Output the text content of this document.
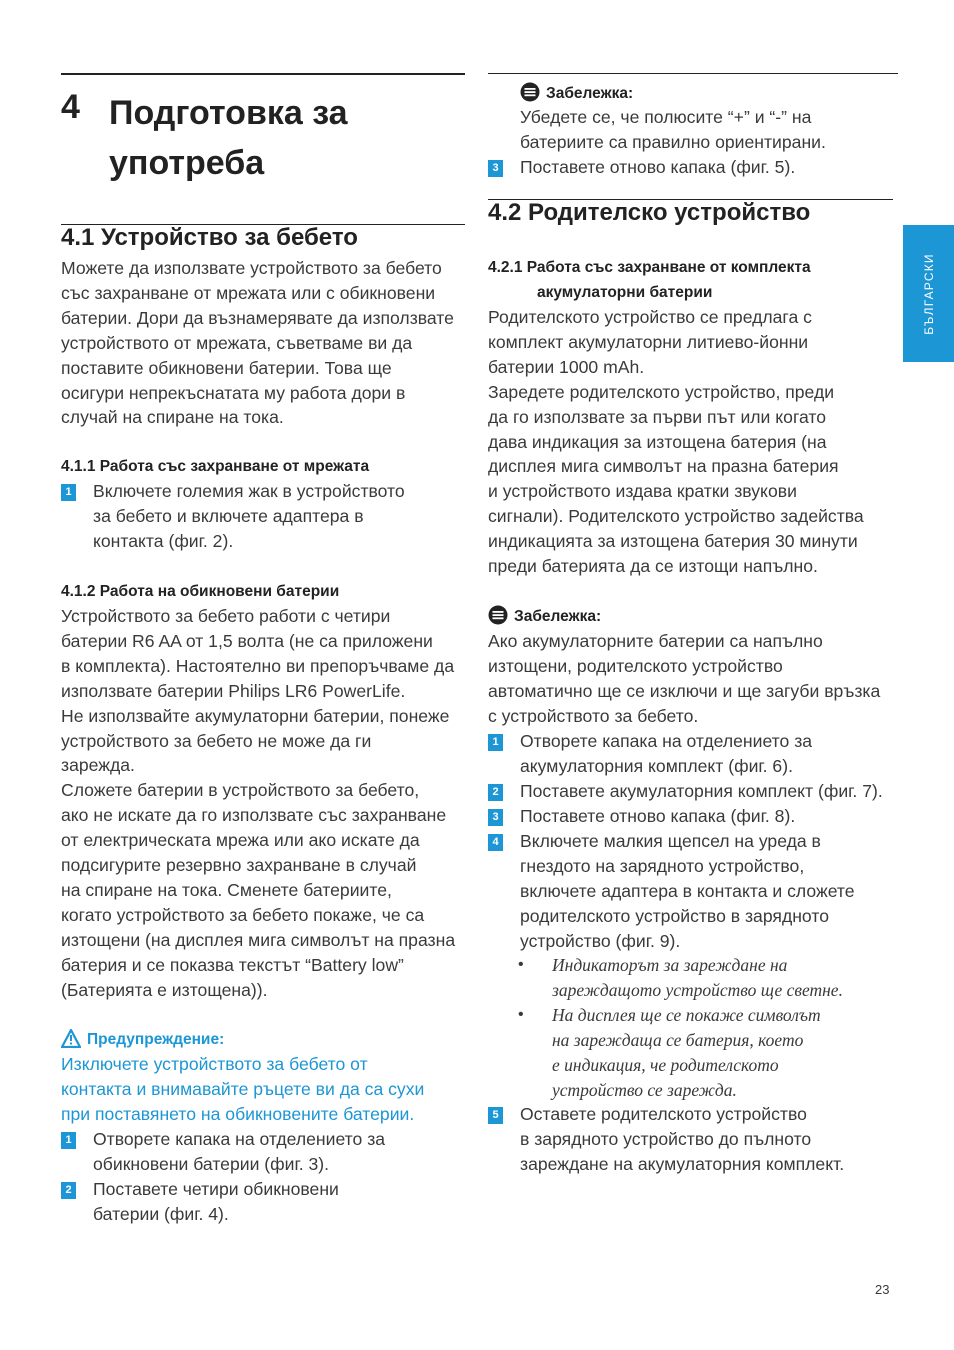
4 Подготовка за
употреба
4.1 Устройство за бебето
Можете да използвате устройството за бебето
със захранване от мрежата или с обикновени
батерии. Дори да възнамерявате да използвате
устройството от мрежата, съветваме ви да
поставите обикновени батерии. Това ще
осигури непрекъснатата му работа дори в
случай на спиране на тока.
4.1.1 Работа със захранване от мрежата
1 Включете големия жак в устройството
за бебето и включете адаптера в
контакта (фиг. 2).
4.1.2 Работа на обикновени батерии
Устройството за бебето работи с четири
батерии R6 AA от 1,5 волта (не са приложени
в комплекта). Настоятелно ви препоръчваме да
използвате батерии Philips LR6 PowerLife.
Не използвайте акумулаторни батерии, понеже
устройството за бебето не може да ги
зарежда.
Сложете батерии в устройството за бебето,
ако не искате да го използвате със захранване
от електрическата мрежа или ако искате да
подсигурите резервно захранване в случай
на спиране на тока. Сменете батериите,
когато устройството за бебето покаже, че са
изтощени (на дисплея мига символът на празна
батерия и се показва текстът “Battery low”
(Батерията е изтощена)).
Предупреждение:
Изключете устройството за бебето от
контакта и внимавайте ръцете ви да са сухи
при поставянето на обикновените батерии.
1 Отворете капака на отделението за
обикновени батерии (фиг. 3).
2 Поставете четири обикновени
батерии (фиг. 4).
Забележка:
Убедете се, че полюсите “+” и “-” на
батериите са правилно ориентирани.
3 Поставете отново капака (фиг. 5).
4.2 Родителско устройство
4.2.1 Работа със захранване от комплекта
акумулаторни батерии
Родителското устройство се предлага с
комплект акумулаторни литиево-йонни
батерии 1000 mAh.
Заредете родителското устройство, преди
да го използвате за първи път или когато
дава индикация за изтощена батерия (на
дисплея мига символът на празна батерия
и устройството издава кратки звукови
сигнали). Родителското устройство задейства
индикацията за изтощена батерия 30 минути
преди батерията да се изтощи напълно.
Забележка:
Ако акумулаторните батерии са напълно
изтощени, родителското устройство
автоматично ще се изключи и ще загуби връзка
с устройството за бебето.
1 Отворете капака на отделението за
акумулаторния комплект (фиг. 6).
2 Поставете акумулаторния комплект (фиг. 7).
3 Поставете отново капака (фиг. 8).
4 Включете малкия щепсел на уреда в
гнездото на зарядното устройство,
включете адаптера в контакта и сложете
родителското устройство в зарядното
устройство (фиг. 9).
• Индикаторът за зареждане на
зареждащото устройство ще светне.
• На дисплея ще се покаже символът
на зареждаща се батерия, което
е индикация, че родителското
устройство се зарежда.
5 Оставете родителското устройство
в зарядното устройство до пълното
зареждане на акумулаторния комплект.
БЪЛГАРСКИ
23
